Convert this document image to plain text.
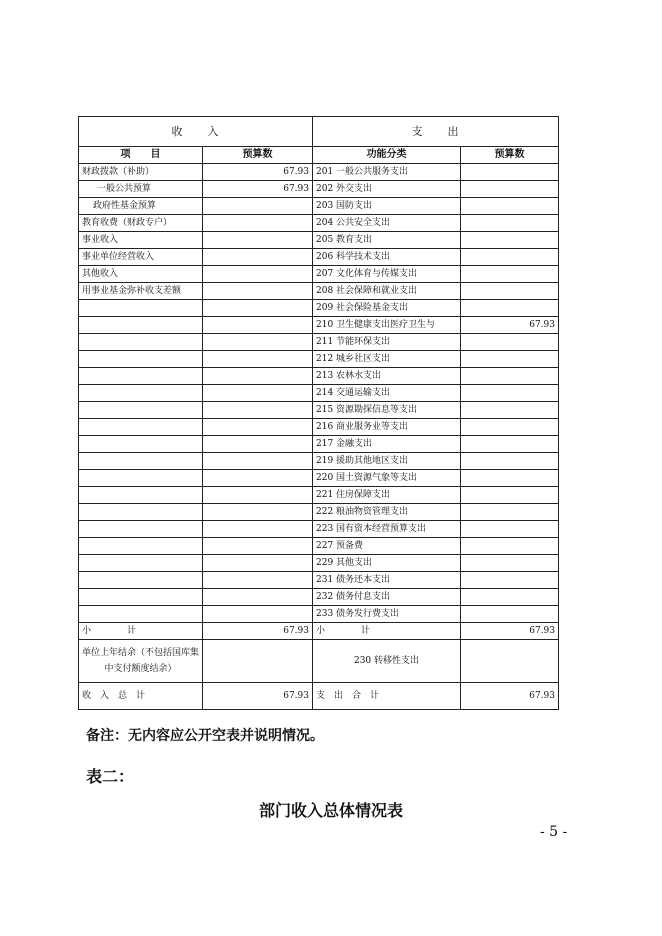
收　　入		支　　出	
项　　目	预算数	功能分类	预算数
财政拨款（补助）	67.93	201 一般公共服务支出	
一般公共预算	67.93	202 外交支出	
政府性基金预算		203 国防支出	
教育收费（财政专户）		204 公共安全支出	
事业收入		205 教育支出	
事业单位经营收入		206 科学技术支出	
其他收入		207 文化体育与传媒支出	
用事业基金弥补收支差额		208 社会保障和就业支出	
		209 社会保险基金支出	
		210 卫生健康支出医疗卫生与	67.93
		211 节能环保支出	
		212 城乡社区支出	
		213 农林水支出	
		214 交通运输支出	
		215 资源勘探信息等支出	
		216 商业服务业等支出	
		217 金融支出	
		219 援助其他地区支出	
		220 国土资源气象等支出	
		221 住房保障支出	
		222 粮油物资管理支出	
		223 国有资本经营预算支出	
		227 预备费	
		229 其他支出	
		231 债务还本支出	
		232 债务付息支出	
		233 债务发行费支出	
小　　　　计	67.93	小　　　　计	67.93
单位上年结余（不包括国库集中支付额度结余）		230 转移性支出	
收　入　总　计	67.93	支　出　合　计	67.93
备注：无内容应公开空表并说明情况。
表二：
部门收入总体情况表
- 5 -
